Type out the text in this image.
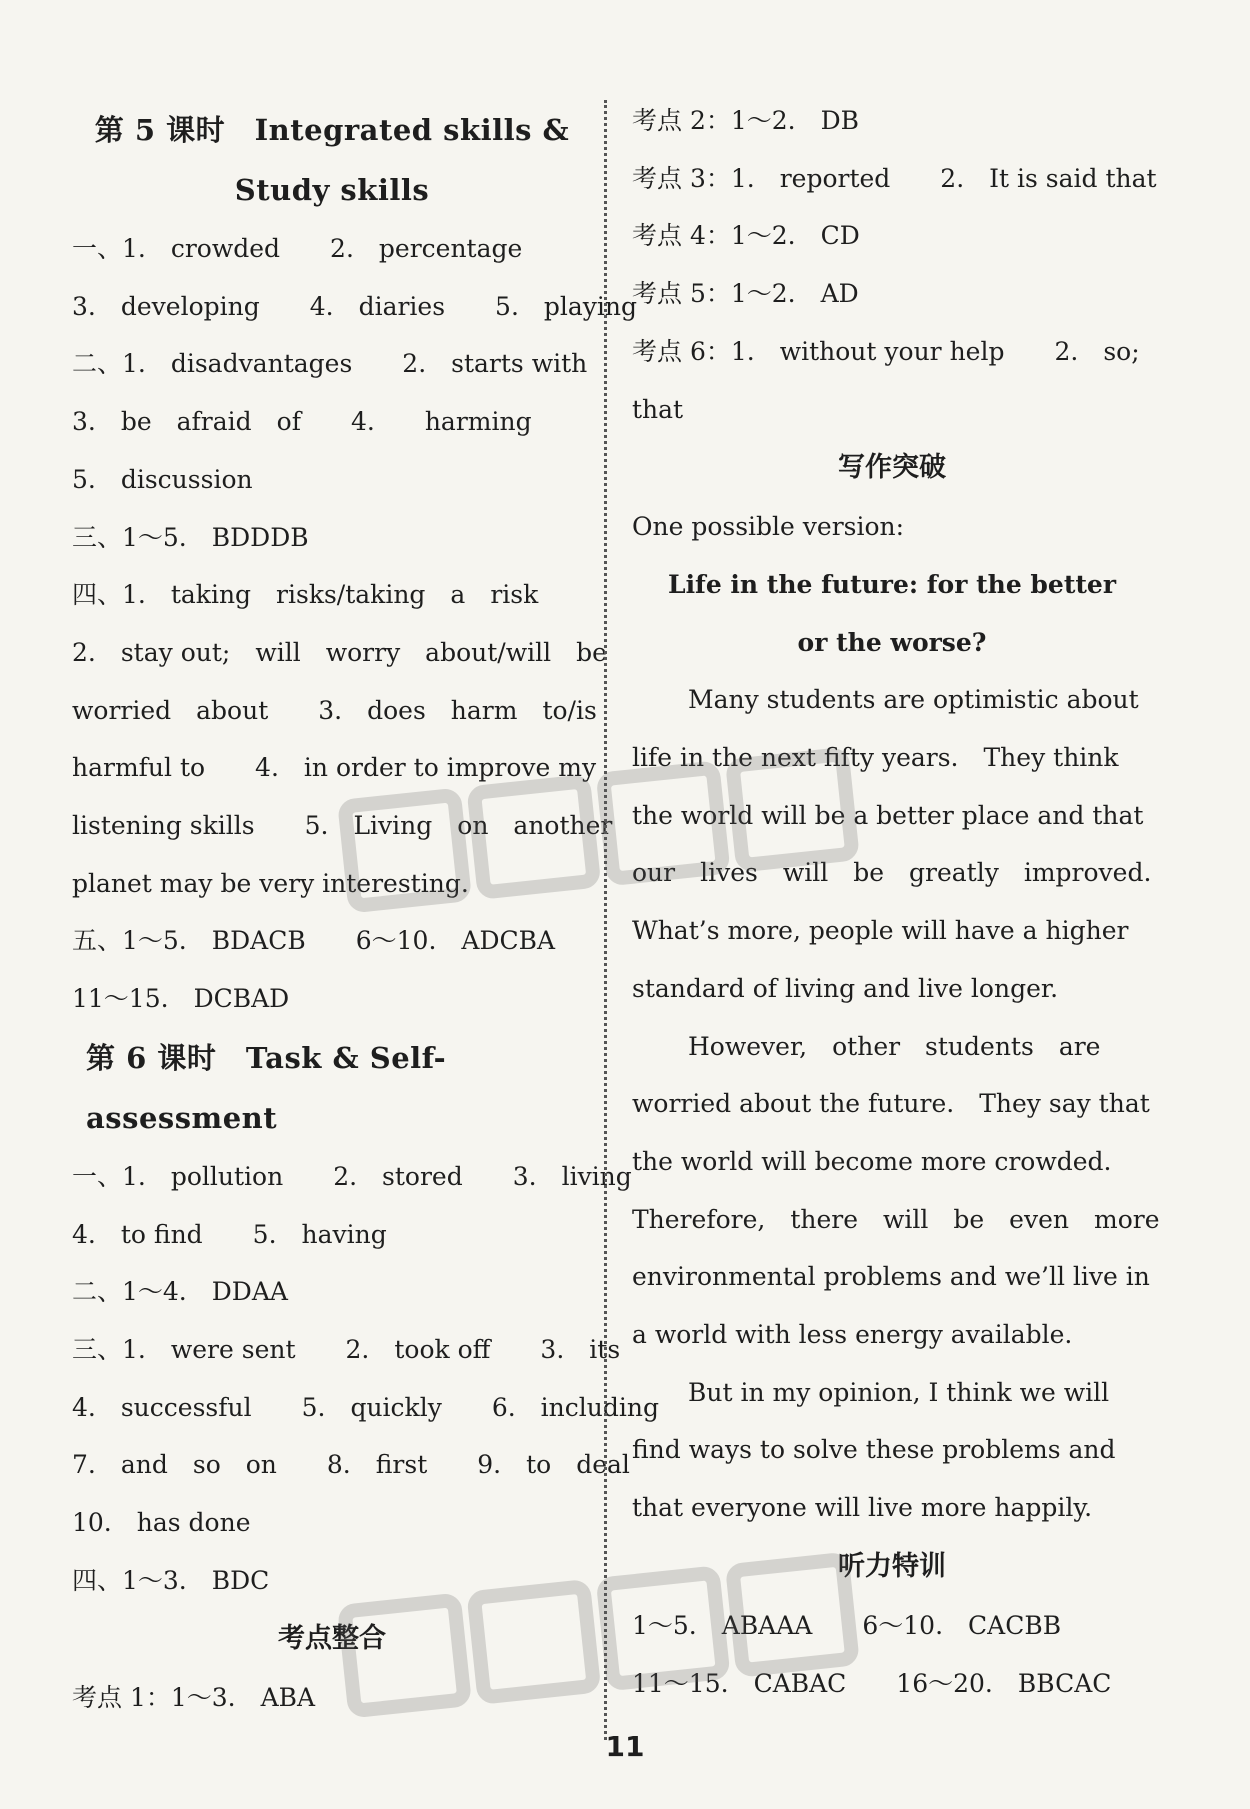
第 5 课时　Integrated skills &
Study skills
一、1.　crowded　　2.　percentage
3.　developing　　4.　diaries　　5.　playing
二、1.　disadvantages　　2.　starts with
3.　be　afraid　of　　4.　　harming
5.　discussion
三、1～5.　BDDDB
四、1.　taking　risks/taking　a　risk
2.　stay out;　will　worry　about/will　be
worried　about　　3.　does　harm　to/is
harmful to　　4.　in order to improve my
listening skills　　5.　Living　on　another
planet may be very interesting.
五、1～5.　BDACB　　6～10.　ADCBA
11～15.　DCBAD
第 6 课时　Task & Self-assessment
一、1.　pollution　　2.　stored　　3.　living
4.　to find　　5.　having
二、1～4.　DDAA
三、1.　were sent　　2.　took off　　3.　its
4.　successful　　5.　quickly　　6.　including
7.　and　so　on　　8.　first　　9.　to　deal
10.　has done
四、1～3.　BDC
考点整合
考点 1：1～3.　ABA
考点 2：1～2.　DB
考点 3：1.　reported　　2.　It is said that
考点 4：1～2.　CD
考点 5：1～2.　AD
考点 6：1.　without your help　　2.　so;
that
写作突破
One possible version:
Life in the future: for the better
or the worse?
Many students are optimistic about
life in the next fifty years.　They think
the world will be a better place and that
our　lives　will　be　greatly　improved.
What’s more, people will have a higher
standard of living and live longer.
However,　other　students　are
worried about the future.　They say that
the world will become more crowded.
Therefore,　there　will　be　even　more
environmental problems and we’ll live in
a world with less energy available.
But in my opinion, I think we will
find ways to solve these problems and
that everyone will live more happily.
听力特训
1～5.　ABAAA　　6～10.　CACBB
11～15.　CABAC　　16～20.　BBCAC
11
